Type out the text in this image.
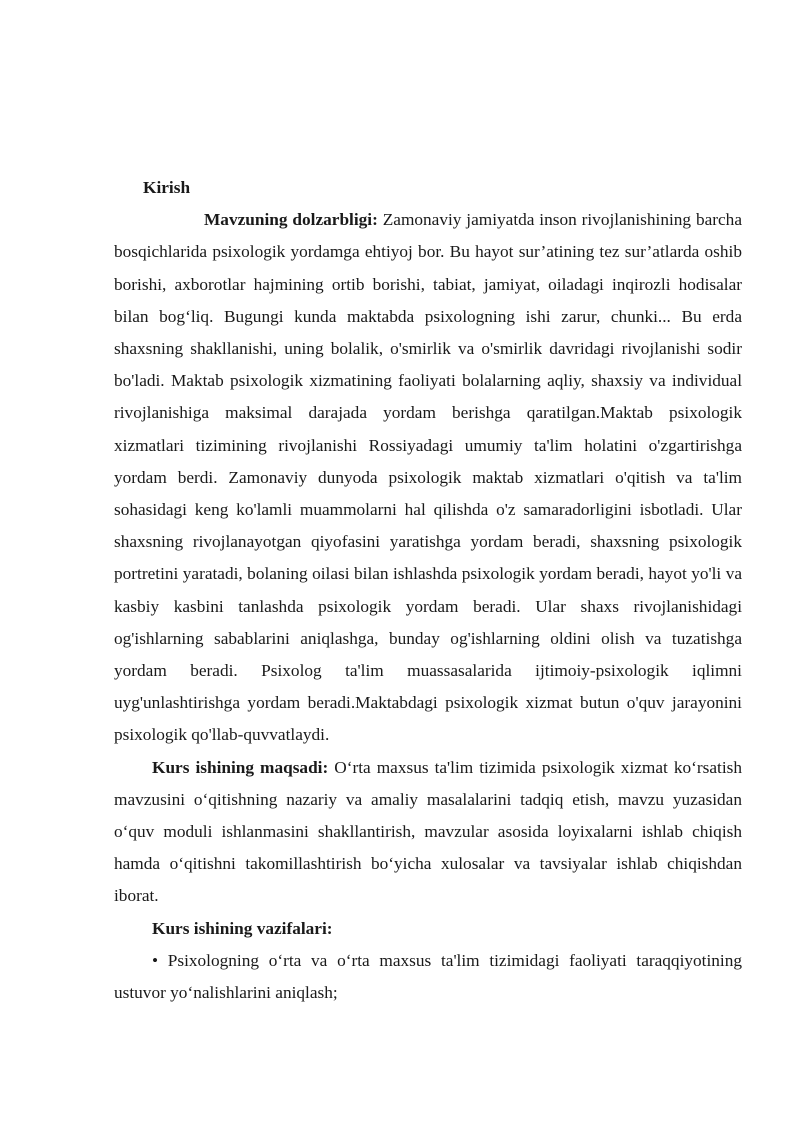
Kirish

Mavzuning dolzarbligi: Zamonaviy jamiyatda inson rivojlanishining barcha bosqichlarida psixologik yordamga ehtiyoj bor. Bu hayot sur’atining tez sur’atlarda oshib borishi, axborotlar hajmining ortib borishi, tabiat, jamiyat, oiladagi inqirozli hodisalar bilan bog‘liq. Bugungi kunda maktabda psixologning ishi zarur, chunki... Bu erda shaxsning shakllanishi, uning bolalik, o'smirlik va o'smirlik davridagi rivojlanishi sodir bo'ladi. Maktab psixologik xizmatining faoliyati bolalarning aqliy, shaxsiy va individual rivojlanishiga maksimal darajada yordam berishga qaratilgan.Maktab psixologik xizmatlari tizimining rivojlanishi Rossiyadagi umumiy ta'lim holatini o'zgartirishga yordam berdi. Zamonaviy dunyoda psixologik maktab xizmatlari o'qitish va ta'lim sohasidagi keng ko'lamli muammolarni hal qilishda o'z samaradorligini isbotladi. Ular shaxsning rivojlanayotgan qiyofasini yaratishga yordam beradi, shaxsning psixologik portretini yaratadi, bolaning oilasi bilan ishlashda psixologik yordam beradi, hayot yo'li va kasbiy kasbini tanlashda psixologik yordam beradi. Ular shaxs rivojlanishidagi og'ishlarning sabablarini aniqlashga, bunday og'ishlarning oldini olish va tuzatishga yordam beradi. Psixolog ta'lim muassasalarida ijtimoiy-psixologik iqlimni uyg'unlashtirishga yordam beradi.Maktabdagi psixologik xizmat butun o'quv jarayonini psixologik qo'llab-quvvatlaydi.

Kurs ishining maqsadi: O‘rta maxsus ta'lim tizimida psixologik xizmat ko‘rsatish mavzusini o‘qitishning nazariy va amaliy masalalarini tadqiq etish, mavzu yuzasidan o‘quv moduli ishlanmasini shakllantirish, mavzular asosida loyixalarni ishlab chiqish hamda o‘qitishni takomillashtirish bo‘yicha xulosalar va tavsiyalar ishlab chiqishdan iborat.

Kurs ishining vazifalari:

• Psixologning o‘rta va o‘rta maxsus ta'lim tizimidagi faoliyati taraqqiyotining ustuvor yo‘nalishlarini aniqlash;
